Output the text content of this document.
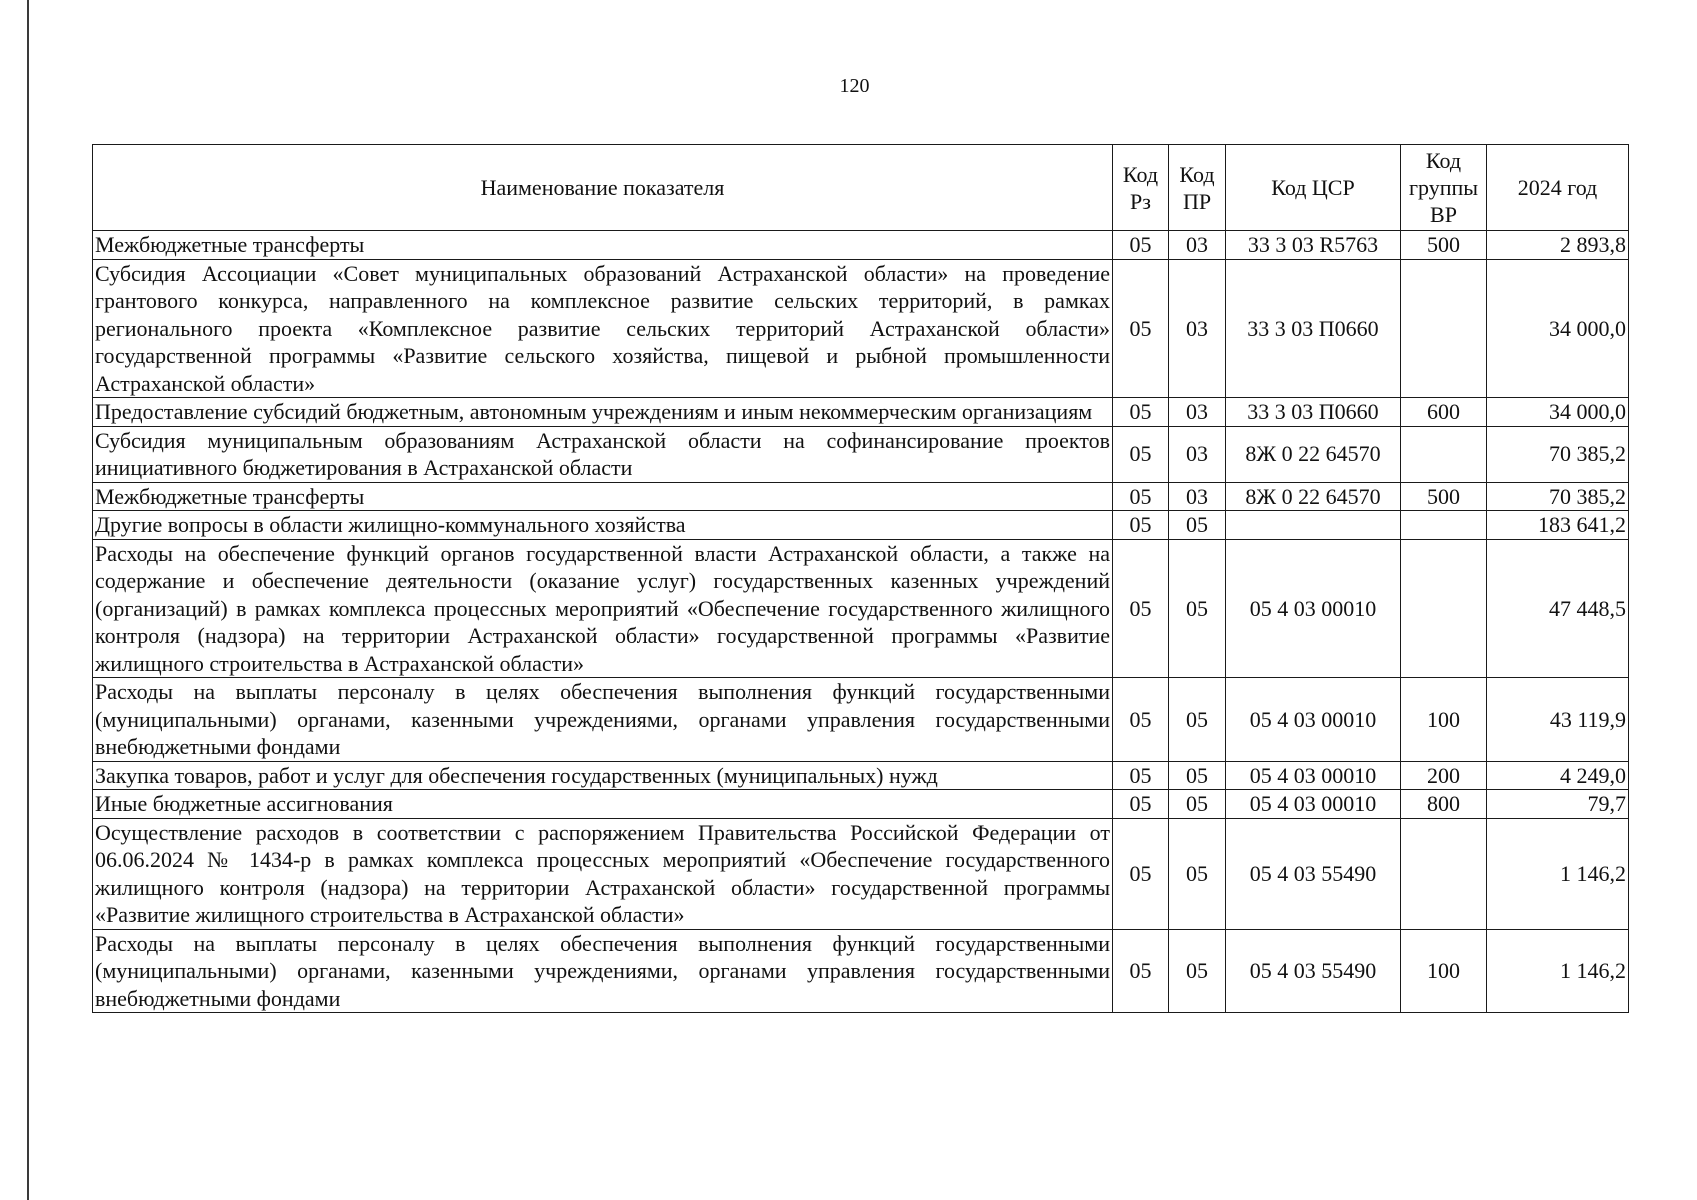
120
Наименование показателя	Код Рз	Код ПР	Код ЦСР	Код группы ВР	2024 год
Межбюджетные трансферты	05	03	33 3 03 R5763	500	2 893,8
Субсидия Ассоциации «Совет муниципальных образований Астраханской области» на проведение грантового конкурса, направленного на комплексное развитие сельских территорий, в рамках регионального проекта «Комплексное развитие сельских территорий Астраханской области» государственной программы «Развитие сельского хозяйства, пищевой и рыбной промышленности Астраханской области»	05	03	33 3 03 П0660		34 000,0
Предоставление субсидий бюджетным, автономным учреждениям и иным некоммерческим организациям	05	03	33 3 03 П0660	600	34 000,0
Субсидия муниципальным образованиям Астраханской области на софинансирование проектов инициативного бюджетирования в Астраханской области	05	03	8Ж 0 22 64570		70 385,2
Межбюджетные трансферты	05	03	8Ж 0 22 64570	500	70 385,2
Другие вопросы в области жилищно-коммунального хозяйства	05	05			183 641,2
Расходы на обеспечение функций органов государственной власти Астраханской области, а также на содержание и обеспечение деятельности (оказание услуг) государственных казенных учреждений (организаций) в рамках комплекса процессных мероприятий «Обеспечение государственного жилищного контроля (надзора) на территории Астраханской области» государственной программы «Развитие жилищного строительства в Астраханской области»	05	05	05 4 03 00010		47 448,5
Расходы на выплаты персоналу в целях обеспечения выполнения функций государственными (муниципальными) органами, казенными учреждениями, органами управления государственными внебюджетными фондами	05	05	05 4 03 00010	100	43 119,9
Закупка товаров, работ и услуг для обеспечения государственных (муниципальных) нужд	05	05	05 4 03 00010	200	4 249,0
Иные бюджетные ассигнования	05	05	05 4 03 00010	800	79,7
Осуществление расходов в соответствии с распоряжением Правительства Российской Федерации от 06.06.2024 № 1434-р в рамках комплекса процессных мероприятий «Обеспечение государственного жилищного контроля (надзора) на территории Астраханской области» государственной программы «Развитие жилищного строительства в Астраханской области»	05	05	05 4 03 55490		1 146,2
Расходы на выплаты персоналу в целях обеспечения выполнения функций государственными (муниципальными) органами, казенными учреждениями, органами управления государственными внебюджетными фондами	05	05	05 4 03 55490	100	1 146,2
